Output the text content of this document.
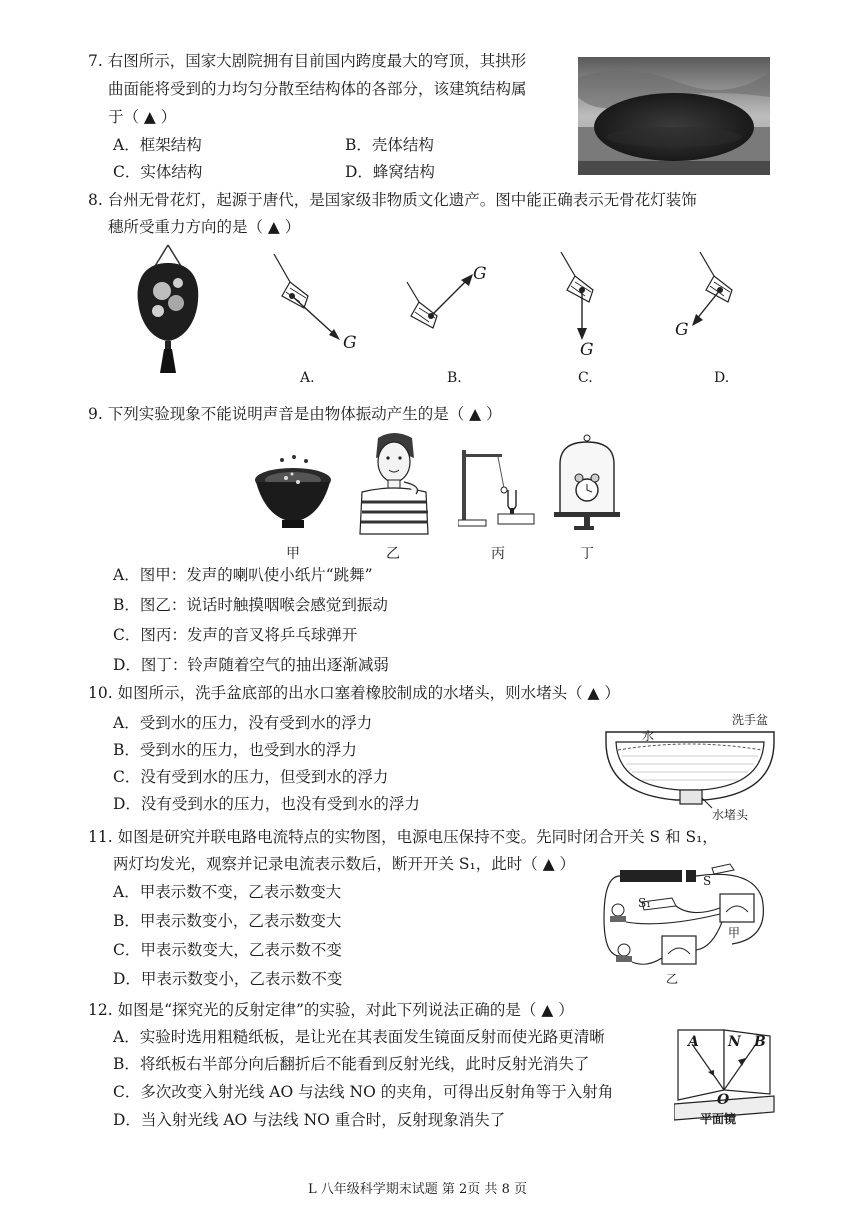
7. 右图所示，国家大剧院拥有目前国内跨度最大的穹顶，其拱形
曲面能将受到的力均匀分散至结构体的各部分，该建筑结构属
于（ ▲ ）
A．框架结构	B．壳体结构
C．实体结构	D．蜂窝结构
8. 台州无骨花灯，起源于唐代，是国家级非物质文化遗产。图中能正确表示无骨花灯装饰
穗所受重力方向的是（ ▲ ）
G
G
G
G
A.	B.	C.	D.
9. 下列实验现象不能说明声音是由物体振动产生的是（ ▲ ）
甲	乙	丙	丁
A．图甲：发声的喇叭使小纸片“跳舞”
B．图乙：说话时触摸咽喉会感觉到振动
C．图丙：发声的音叉将乒乓球弹开
D．图丁：铃声随着空气的抽出逐渐减弱
10. 如图所示，洗手盆底部的出水口塞着橡胶制成的水堵头，则水堵头（ ▲ ）
A．受到水的压力，没有受到水的浮力
B．受到水的压力，也受到水的浮力
C．没有受到水的压力，但受到水的浮力
D．没有受到水的压力，也没有受到水的浮力
洗手盆
水
水堵头
11. 如图是研究并联电路电流特点的实物图，电源电压保持不变。先同时闭合开关 S 和 S₁，
两灯均发光，观察并记录电流表示数后，断开开关 S₁，此时（ ▲ ）
A．甲表示数不变，乙表示数变大
B．甲表示数变小，乙表示数变大
C．甲表示数变大，乙表示数不变
D．甲表示数变小，乙表示数不变
S
S₁
甲
乙
12. 如图是“探究光的反射定律”的实验，对此下列说法正确的是（ ▲ ）
A．实验时选用粗糙纸板，是让光在其表面发生镜面反射而使光路更清晰
B．将纸板右半部分向后翻折后不能看到反射光线，此时反射光消失了
C．多次改变入射光线 AO 与法线 NO 的夹角，可得出反射角等于入射角
D．当入射光线 AO 与法线 NO 重合时，反射现象消失了
A N B
O
平面镜
L 八年级科学期末试题 第 2页 共 8 页
